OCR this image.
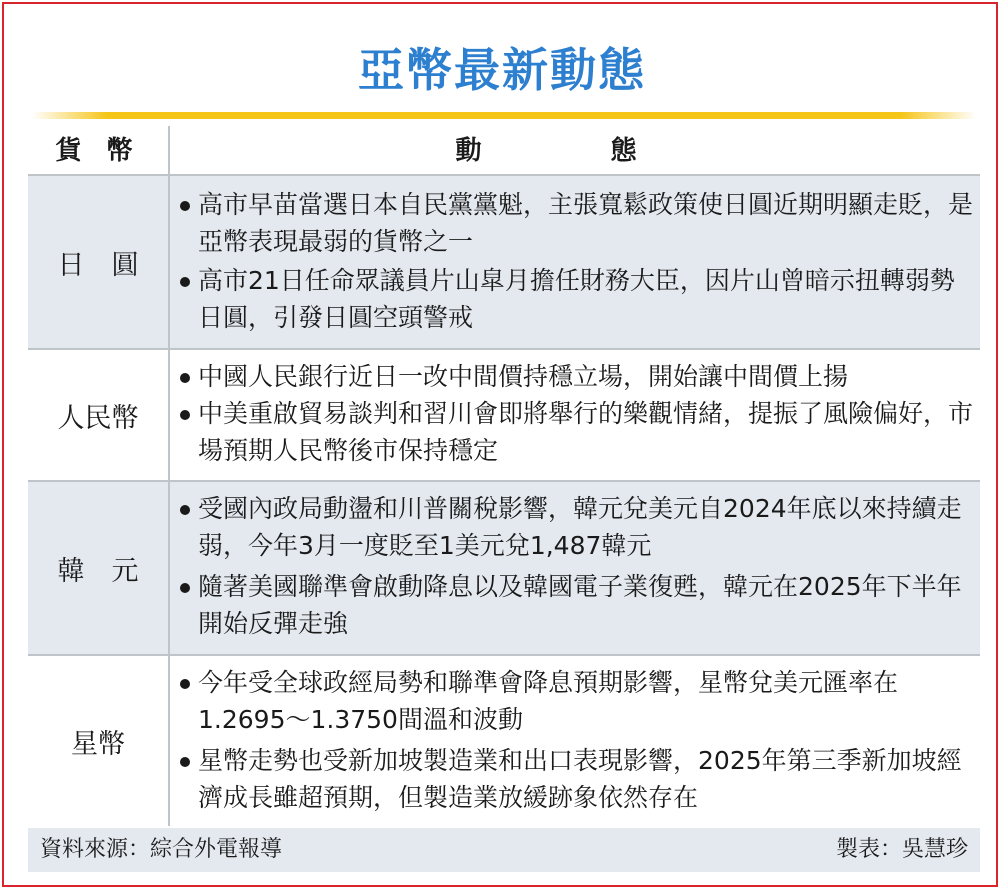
亞幣最新動態
貨 幣	動 態
日　圓
高市早苗當選日本自民黨黨魁，主張寬鬆政策使日圓近期明顯走貶，是亞幣表現最弱的貨幣之一
高市21日任命眾議員片山皐月擔任財務大臣，因片山曾暗示扭轉弱勢日圓，引發日圓空頭警戒
人民幣
中國人民銀行近日一改中間價持穩立場，開始讓中間價上揚
中美重啟貿易談判和習川會即將舉行的樂觀情緒，提振了風險偏好，市場預期人民幣後市保持穩定
韓　元
受國內政局動盪和川普關稅影響，韓元兌美元自2024年底以來持續走弱，今年3月一度貶至1美元兌1,487韓元
隨著美國聯準會啟動降息以及韓國電子業復甦，韓元在2025年下半年開始反彈走強
星幣
今年受全球政經局勢和聯準會降息預期影響，星幣兌美元匯率在1.2695～1.3750間溫和波動
星幣走勢也受新加坡製造業和出口表現影響，2025年第三季新加坡經濟成長雖超預期，但製造業放緩跡象依然存在
資料來源：綜合外電報導	製表：吳慧珍
